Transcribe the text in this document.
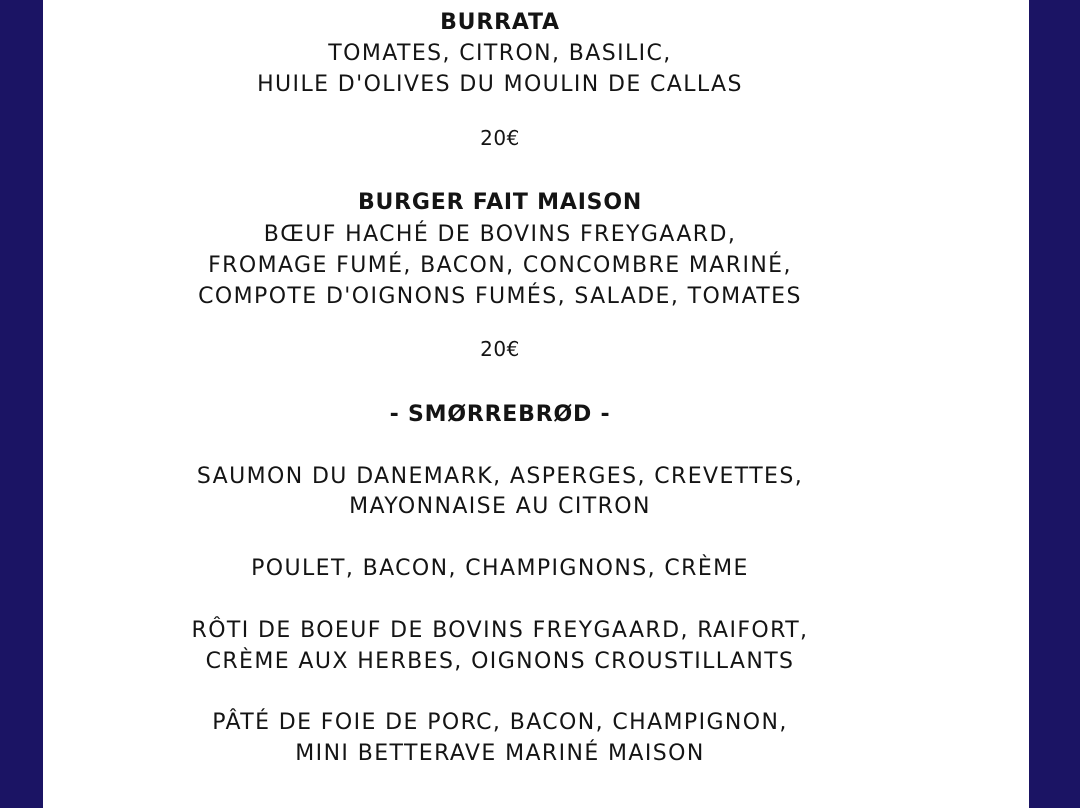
BURRATA
TOMATES, CITRON, BASILIC,
HUILE D'OLIVES DU MOULIN DE CALLAS
20€
BURGER FAIT MAISON
BŒUF HACHÉ DE BOVINS FREYGAARD,
FROMAGE FUMÉ, BACON, CONCOMBRE MARINÉ,
COMPOTE D'OIGNONS FUMÉS, SALADE, TOMATES
20€
- SMØRREBRØD -
SAUMON DU DANEMARK, ASPERGES, CREVETTES,
MAYONNAISE AU CITRON
POULET, BACON, CHAMPIGNONS, CRÈME
RÔTI DE BOEUF DE BOVINS FREYGAARD, RAIFORT,
CRÈME AUX HERBES, OIGNONS CROUSTILLANTS
PÂTÉ DE FOIE DE PORC, BACON, CHAMPIGNON,
MINI BETTERAVE MARINÉ MAISON
